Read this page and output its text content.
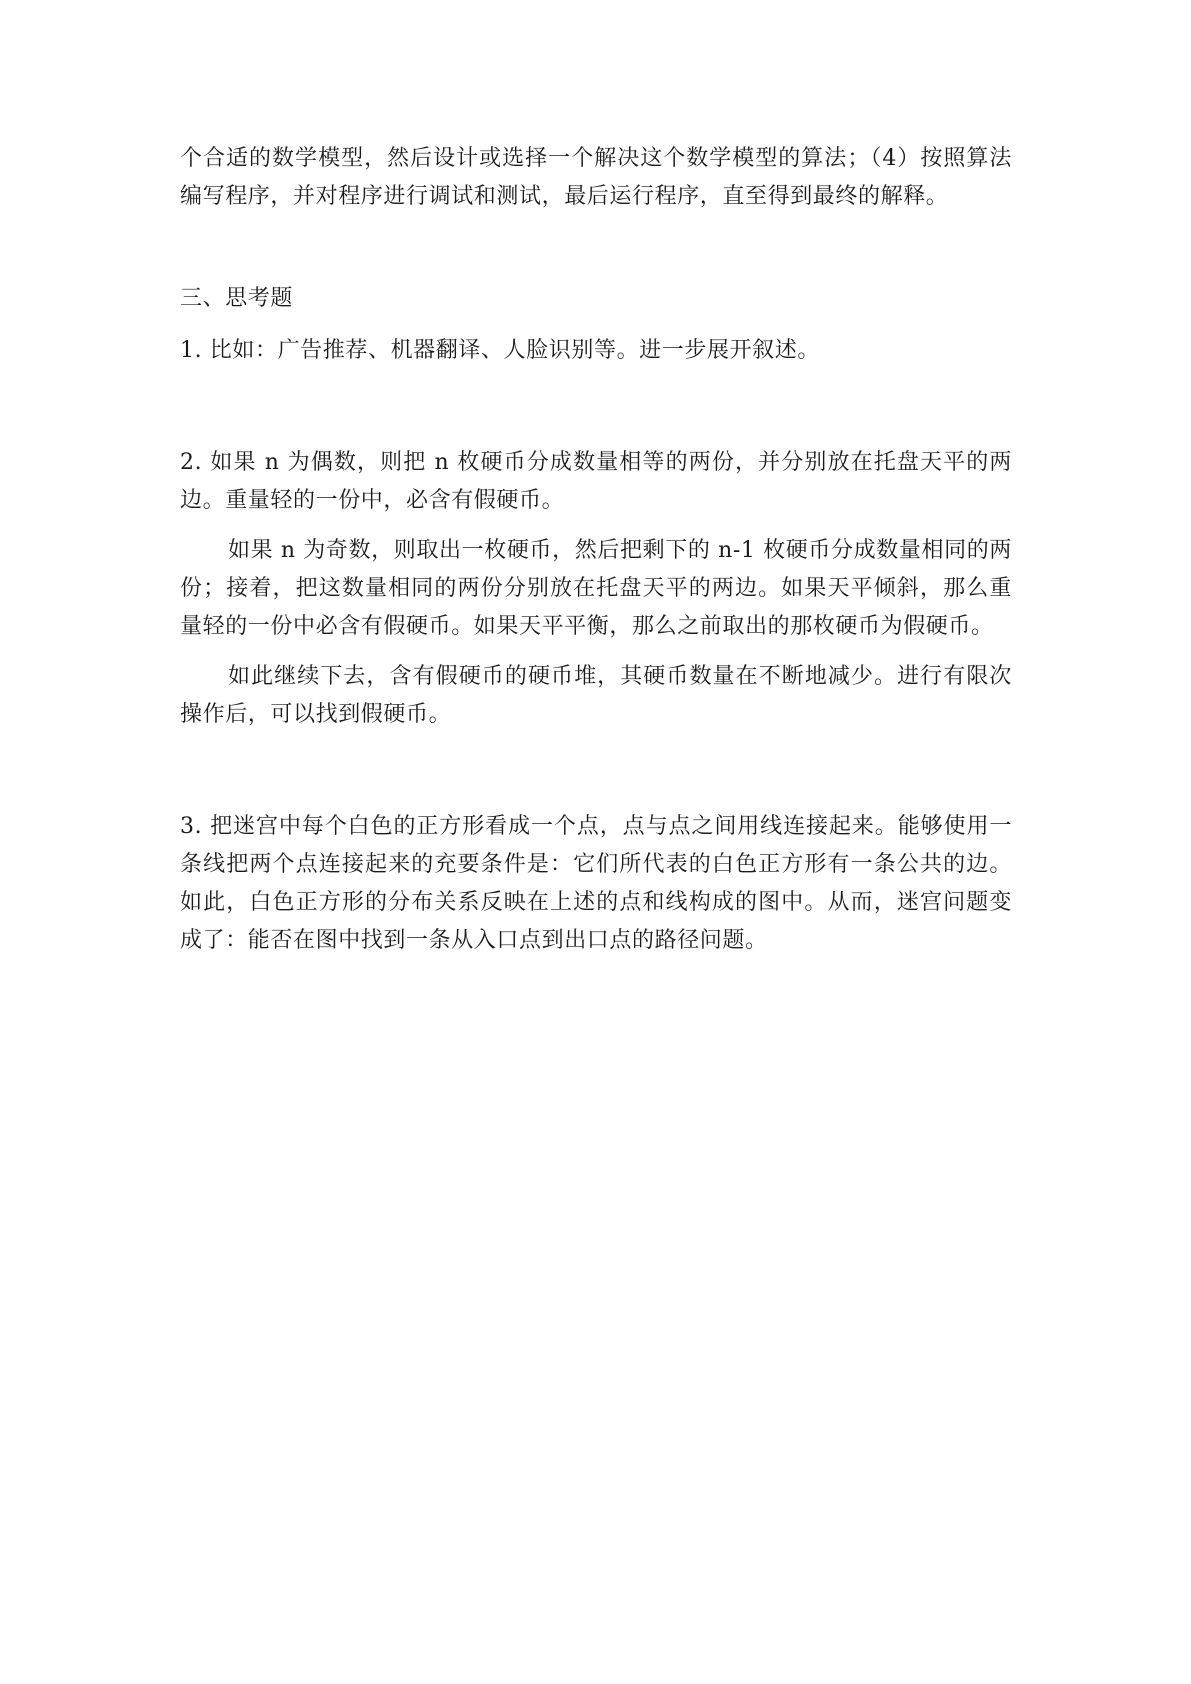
个合适的数学模型，然后设计或选择一个解决这个数学模型的算法；（4）按照算法编写程序，并对程序进行调试和测试，最后运行程序，直至得到最终的解释。

三、思考题

1. 比如：广告推荐、机器翻译、人脸识别等。进一步展开叙述。

2. 如果 n 为偶数，则把 n 枚硬币分成数量相等的两份，并分别放在托盘天平的两边。重量轻的一份中，必含有假硬币。

如果 n 为奇数，则取出一枚硬币，然后把剩下的 n-1 枚硬币分成数量相同的两份；接着，把这数量相同的两份分别放在托盘天平的两边。如果天平倾斜，那么重量轻的一份中必含有假硬币。如果天平平衡，那么之前取出的那枚硬币为假硬币。

如此继续下去，含有假硬币的硬币堆，其硬币数量在不断地减少。进行有限次操作后，可以找到假硬币。

3. 把迷宫中每个白色的正方形看成一个点，点与点之间用线连接起来。能够使用一条线把两个点连接起来的充要条件是：它们所代表的白色正方形有一条公共的边。如此，白色正方形的分布关系反映在上述的点和线构成的图中。从而，迷宫问题变成了：能否在图中找到一条从入口点到出口点的路径问题。
